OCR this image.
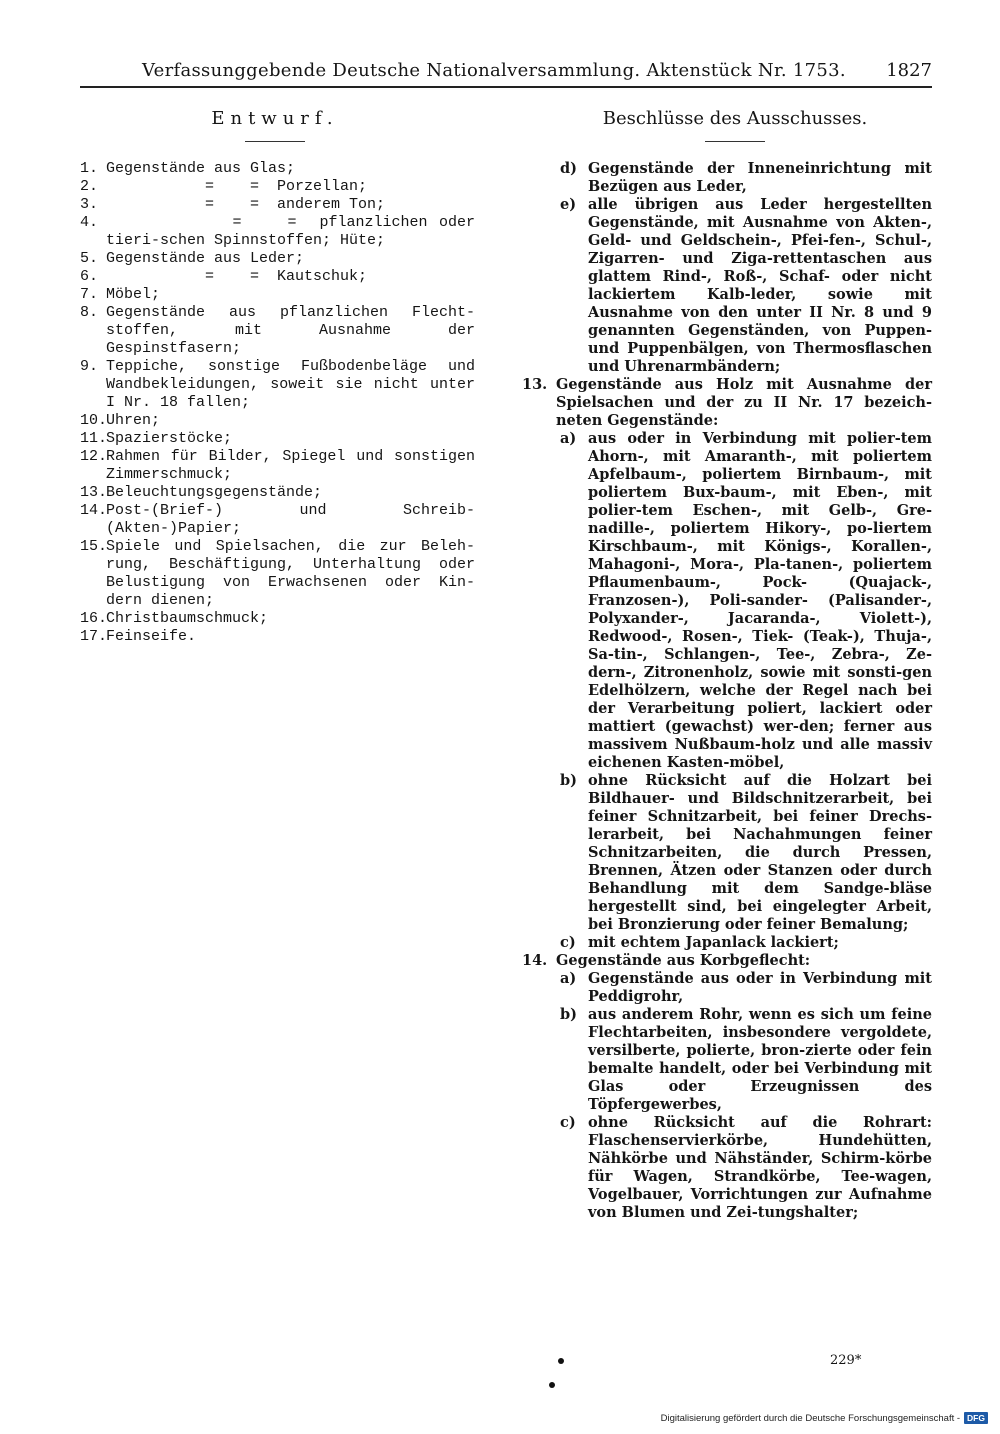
Verfassunggebende Deutsche Nationalversammlung. Aktenstück Nr. 1753. 1827
Entwurf.	Beschlüsse des Ausschusses.
1. Gegenstände aus Glas;
2. =    =  Porzellan;
3. =    =  anderem Ton;
4. =    =  pflanzlichen oder tieri-schen Spinnstoffen; Hüte;
5. Gegenstände aus Leder;
6. =    =  Kautschuk;
7. Möbel;
8. Gegenstände aus pflanzlichen Flecht-stoffen, mit Ausnahme der Gespinstfasern;
9. Teppiche, sonstige Fußbodenbeläge und Wandbekleidungen, soweit sie nicht unter I Nr. 18 fallen;
10.
Uhren;
11.
Spazierstöcke;
12.
Rahmen für Bilder, Spiegel und sonstigen Zimmerschmuck;
13.
Beleuchtungsgegenstände;
14.
Post-(Brief-) und Schreib-(Akten-)Papier;
15.
Spiele und Spielsachen, die zur Beleh-rung, Beschäftigung, Unterhaltung oder Belustigung von Erwachsenen oder Kin-dern dienen;
16.
Christbaumschmuck;
17.
Feinseife.
d) Gegenstände der Inneneinrichtung mit Bezügen aus Leder,
e) alle übrigen aus Leder hergestellten Gegenstände, mit Ausnahme von Akten-, Geld- und Geldschein-, Pfei-fen-, Schul-, Zigarren- und Ziga-rettentaschen aus glattem Rind-, Roß-, Schaf- oder nicht lackiertem Kalb-leder, sowie mit Ausnahme von den unter II Nr. 8 und 9 genannten Gegenständen, von Puppen- und Puppenbälgen, von Thermosflaschen und Uhrenarmbändern;
13. Gegenstände aus Holz mit Ausnahme der Spielsachen und der zu II Nr. 17 bezeich-neten Gegenstände:
a) aus oder in Verbindung mit polier-tem Ahorn-, mit Amaranth-, mit poliertem Apfelbaum-, poliertem Birnbaum-, mit poliertem Bux-baum-, mit Eben-, mit polier-tem Eschen-, mit Gelb-, Gre-nadille-, poliertem Hikory-, po-liertem Kirschbaum-, mit Königs-, Korallen-, Mahagoni-, Mora-, Pla-tanen-, poliertem Pflaumenbaum-, Pock- (Quajack-, Franzosen-), Poli-sander- (Palisander-, Polyxander-, Jacaranda-, Violett-), Redwood-, Rosen-, Tiek- (Teak-), Thuja-, Sa-tin-, Schlangen-, Tee-, Zebra-, Ze-dern-, Zitronenholz, sowie mit sonsti-gen Edelhölzern, welche der Regel nach bei der Verarbeitung poliert, lackiert oder mattiert (gewachst) wer-den; ferner aus massivem Nußbaum-holz und alle massiv eichenen Kasten-möbel,
b) ohne Rücksicht auf die Holzart bei Bildhauer- und Bildschnitzerarbeit, bei feiner Schnitzarbeit, bei feiner Drechs-lerarbeit, bei Nachahmungen feiner Schnitzarbeiten, die durch Pressen, Brennen, Ätzen oder Stanzen oder durch Behandlung mit dem Sandge-bläse hergestellt sind, bei eingelegter Arbeit, bei Bronzierung oder feiner Bemalung;
c) mit echtem Japanlack lackiert;
14. Gegenstände aus Korbgeflecht:
a) Gegenstände aus oder in Verbindung mit Peddigrohr,
b) aus anderem Rohr, wenn es sich um feine Flechtarbeiten, insbesondere vergoldete, versilberte, polierte, bron-zierte oder fein bemalte handelt, oder bei Verbindung mit Glas oder Erzeugnissen des Töpfergewerbes,
c) ohne Rücksicht auf die Rohrart: Flaschenservierkörbe, Hundehütten, Nähkörbe und Nähständer, Schirm-körbe für Wagen, Strandkörbe, Tee-wagen, Vogelbauer, Vorrichtungen zur Aufnahme von Blumen und Zei-tungshalter;
229*
Digitalisierung gefördert durch die Deutsche Forschungsgemeinschaft - DFG
